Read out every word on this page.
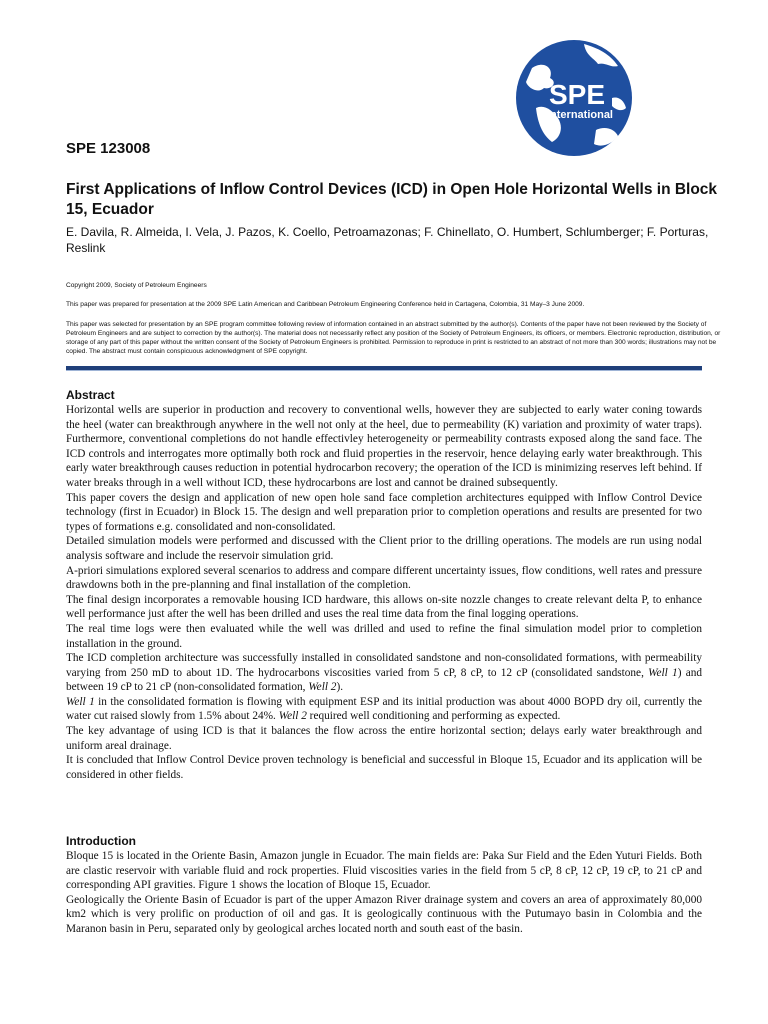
SPE
International
SPE 123008
First Applications of Inflow Control Devices (ICD) in Open Hole Horizontal Wells in Block 15, Ecuador

E. Davila, R. Almeida, I. Vela, J. Pazos, K. Coello, Petroamazonas; F. Chinellato, O. Humbert, Schlumberger; F. Porturas, Reslink

Copyright 2009, Society of Petroleum Engineers

This paper was prepared for presentation at the 2009 SPE Latin American and Caribbean Petroleum Engineering Conference held in Cartagena, Colombia, 31 May–3 June 2009.

This paper was selected for presentation by an SPE program committee following review of information contained in an abstract submitted by the author(s). Contents of the paper have not been reviewed by the Society of Petroleum Engineers and are subject to correction by the author(s). The material does not necessarily reflect any position of the Society of Petroleum Engineers, its officers, or members. Electronic reproduction, distribution, or storage of any part of this paper without the written consent of the Society of Petroleum Engineers is prohibited. Permission to reproduce in print is restricted to an abstract of not more than 300 words; illustrations may not be copied. The abstract must contain conspicuous acknowledgment of SPE copyright.

Abstract

Horizontal wells are superior in production and recovery to conventional wells, however they are subjected to early water coning towards the heel (water can breakthrough anywhere in the well not only at the heel, due to permeability (K) variation and proximity of water traps). Furthermore, conventional completions do not handle effectivley heterogeneity or permeability contrasts exposed along the sand face. The ICD controls and interrogates more optimally both rock and fluid properties in the reservoir, hence delaying early water breakthrough. This early water breakthrough causes reduction in potential hydrocarbon recovery; the operation of the ICD is minimizing reserves left behind. If water breaks through in a well without ICD, these hydrocarbons are lost and cannot be drained subsequently.

This paper covers the design and application of new open hole sand face completion architectures equipped with Inflow Control Device technology (first in Ecuador) in Block 15. The design and well preparation prior to completion operations and results are presented for two types of formations e.g. consolidated and non-consolidated.

Detailed simulation models were performed and discussed with the Client prior to the drilling operations. The models are run using nodal analysis software and include the reservoir simulation grid.

A-priori simulations explored several scenarios to address and compare different uncertainty issues, flow conditions, well rates and pressure drawdowns both in the pre-planning and final installation of the completion.

The final design incorporates a removable housing ICD hardware, this allows on-site nozzle changes to create relevant delta P, to enhance well performance just after the well has been drilled and uses the real time data from the final logging operations.

The real time logs were then evaluated while the well was drilled and used to refine the final simulation model prior to completion installation in the ground.

The ICD completion architecture was successfully installed in consolidated sandstone and non-consolidated formations, with permeability varying from 250 mD to about 1D. The hydrocarbons viscosities varied from 5 cP, 8 cP, to 12 cP (consolidated sandstone, Well 1) and between 19 cP to 21 cP (non-consolidated formation, Well 2).

Well 1 in the consolidated formation is flowing with equipment ESP and its initial production was about 4000 BOPD dry oil, currently the water cut raised slowly from 1.5% about 24%. Well 2 required well conditioning and performing as expected.

The key advantage of using ICD is that it balances the flow across the entire horizontal section; delays early water breakthrough and uniform areal drainage.

It is concluded that Inflow Control Device proven technology is beneficial and successful in Bloque 15, Ecuador and its application will be considered in other fields.

Introduction

Bloque 15 is located in the Oriente Basin, Amazon jungle in Ecuador. The main fields are: Paka Sur Field and the Eden Yuturi Fields. Both are clastic reservoir with variable fluid and rock properties. Fluid viscosities varies in the field from 5 cP, 8 cP, 12 cP, 19 cP, to 21 cP and corresponding API gravities. Figure 1 shows the location of Bloque 15, Ecuador.

Geologically the Oriente Basin of Ecuador is part of the upper Amazon River drainage system and covers an area of approximately 80,000 km2 which is very prolific on production of oil and gas. It is geologically continuous with the Putumayo basin in Colombia and the Maranon basin in Peru, separated only by geological arches located north and south east of the basin.
